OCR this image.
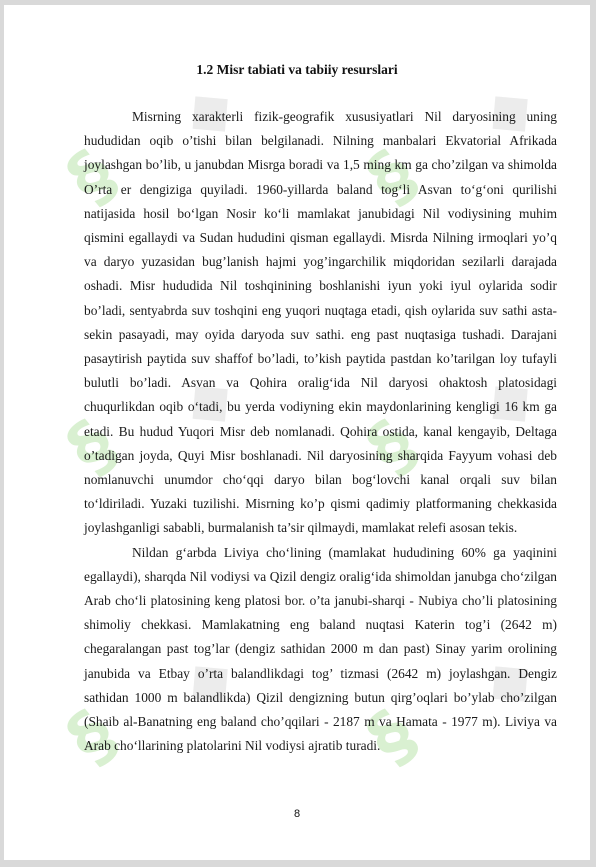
§
§
§
§
§
§
◆	◆
◆	◆
◆	◆
1.2 Misr tabiati va tabiiy resurslari

Misrning xarakterli fizik-geografik xususiyatlari Nil daryosining uning hududidan oqib o’tishi bilan belgilanadi. Nilning manbalari Ekvatorial Afrikada joylashgan bo’lib, u janubdan Misrga boradi va 1,5 ming km ga cho’zilgan va shimolda O’rta er dengiziga quyiladi. 1960-yillarda baland tog‘li Asvan to‘g‘oni qurilishi natijasida hosil bo‘lgan Nosir ko‘li mamlakat janubidagi Nil vodiysining muhim qismini egallaydi va Sudan hududini qisman egallaydi. Misrda Nilning irmoqlari yo’q va daryo yuzasidan bug’lanish hajmi yog’ingarchilik miqdoridan sezilarli darajada oshadi. Misr hududida Nil toshqinining boshlanishi iyun yoki iyul oylarida sodir bo’ladi, sentyabrda suv toshqini eng yuqori nuqtaga etadi, qish oylarida suv sathi asta-sekin pasayadi, may oyida daryoda suv sathi. eng past nuqtasiga tushadi. Darajani pasaytirish paytida suv shaffof bo’ladi, to’kish paytida pastdan ko’tarilgan loy tufayli bulutli bo’ladi. Asvan va Qohira oralig‘ida Nil daryosi ohaktosh platosidagi chuqurlikdan oqib o‘tadi, bu yerda vodiyning ekin maydonlarining kengligi 16 km ga etadi. Bu hudud Yuqori Misr deb nomlanadi. Qohira ostida, kanal kengayib, Deltaga o’tadigan joyda, Quyi Misr boshlanadi. Nil daryosining sharqida Fayyum vohasi deb nomlanuvchi unumdor cho‘qqi daryo bilan bog‘lovchi kanal orqali suv bilan to‘ldiriladi. Yuzaki tuzilishi. Misrning ko’p qismi qadimiy platformaning chekkasida joylashganligi sababli, burmalanish ta’sir qilmaydi, mamlakat relefi asosan tekis.

Nildan g‘arbda Liviya cho‘lining (mamlakat hududining 60% ga yaqinini egallaydi), sharqda Nil vodiysi va Qizil dengiz oralig‘ida shimoldan janubga cho‘zilgan Arab cho‘li platosining keng platosi bor. o’ta janubi-sharqi - Nubiya cho’li platosining shimoliy chekkasi. Mamlakatning eng baland nuqtasi Katerin tog’i (2642 m) chegaralangan past tog’lar (dengiz sathidan 2000 m dan past) Sinay yarim orolining janubida va Etbay o’rta balandlikdagi tog’ tizmasi (2642 m) joylashgan. Dengiz sathidan 1000 m balandlikda) Qizil dengizning butun qirg’oqlari bo’ylab cho’zilgan (Shaib al-Banatning eng baland cho’qqilari - 2187 m va Hamata - 1977 m). Liviya va Arab cho‘llarining platolarini Nil vodiysi ajratib turadi.

8
